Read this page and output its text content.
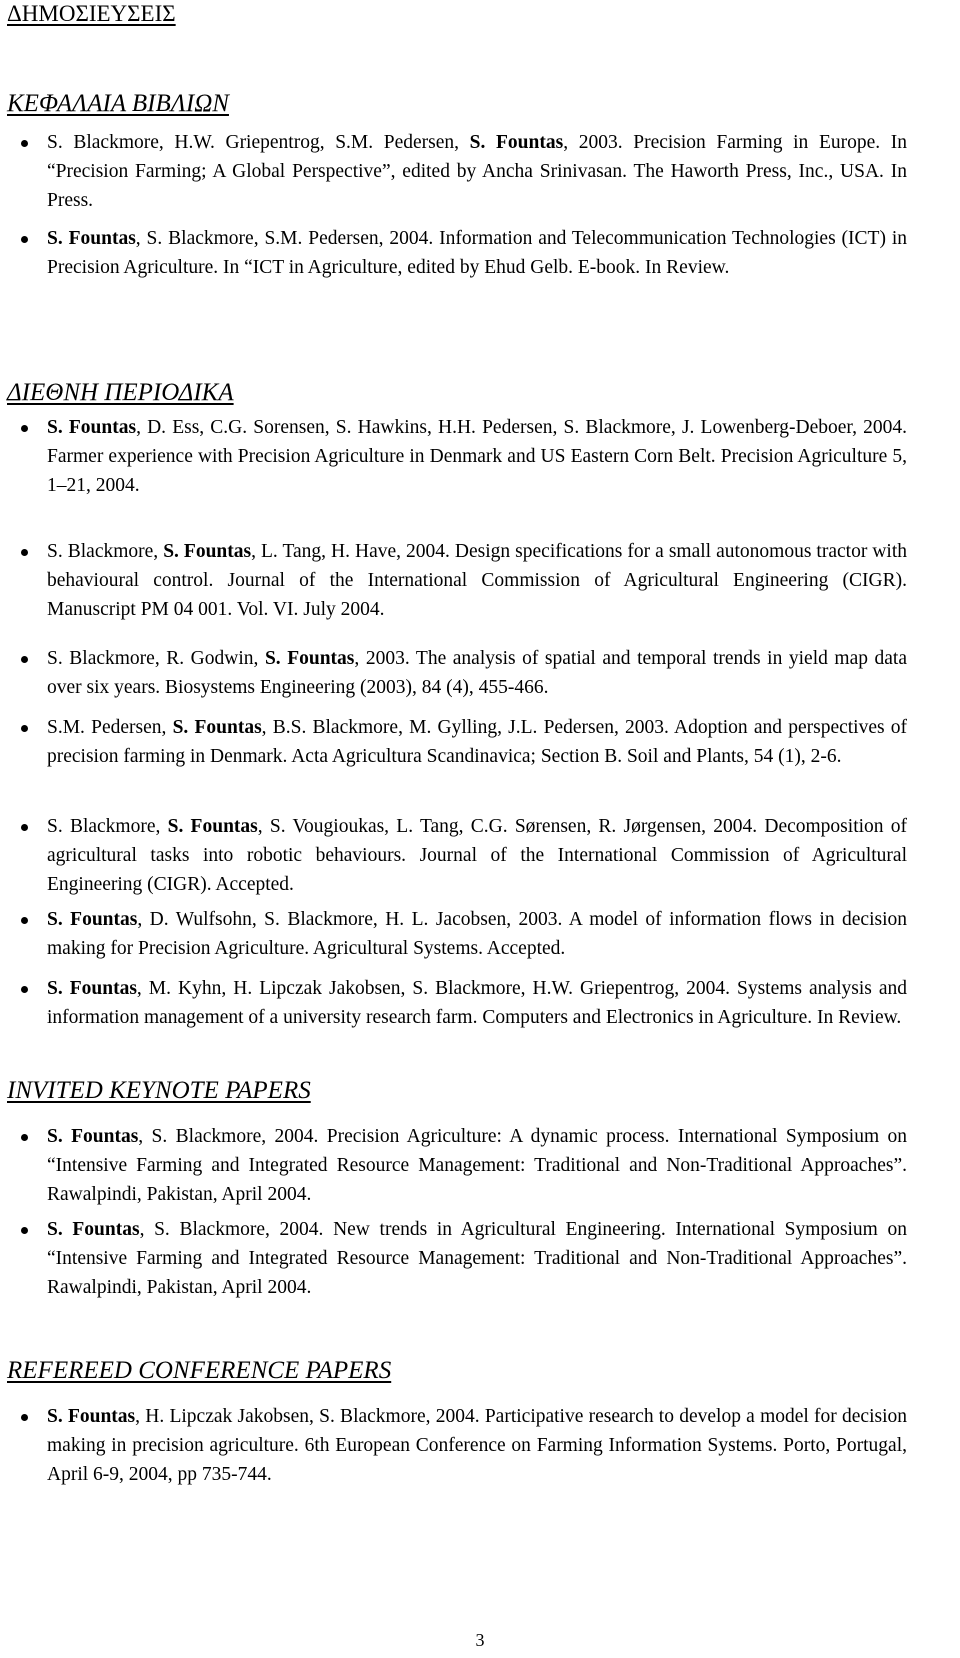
ΔΗΜΟΣΙΕΥΣΕΙΣ
ΚΕΦΑΛΑΙΑ ΒΙΒΛΙΩΝ
S. Blackmore, H.W. Griepentrog, S.M. Pedersen, S. Fountas, 2003. Precision Farming in Europe. In “Precision Farming; A Global Perspective”, edited by Ancha Srinivasan. The Haworth Press, Inc., USA. In Press.
S. Fountas, S. Blackmore, S.M. Pedersen, 2004. Information and Telecommunication Technologies (ICT) in Precision Agriculture. In “ICT in Agriculture, edited by Ehud Gelb. E-book. In Review.
ΔΙΕΘΝΗ ΠΕΡΙΟΔΙΚΑ
S. Fountas, D. Ess, C.G. Sorensen, S. Hawkins, H.H. Pedersen, S. Blackmore, J. Lowenberg-Deboer, 2004. Farmer experience with Precision Agriculture in Denmark and US Eastern Corn Belt. Precision Agriculture 5, 1–21, 2004.
S. Blackmore, S. Fountas, L. Tang, H. Have, 2004. Design specifications for a small autonomous tractor with behavioural control. Journal of the International Commission of Agricultural Engineering (CIGR). Manuscript PM 04 001. Vol. VI. July 2004.
S. Blackmore, R. Godwin, S. Fountas, 2003. The analysis of spatial and temporal trends in yield map data over six years. Biosystems Engineering (2003), 84 (4), 455-466.
S.M. Pedersen, S. Fountas, B.S. Blackmore, M. Gylling, J.L. Pedersen, 2003. Adoption and perspectives of precision farming in Denmark. Acta Agricultura Scandinavica; Section B. Soil and Plants, 54 (1), 2-6.
S. Blackmore, S. Fountas, S. Vougioukas, L. Tang, C.G. Sørensen, R. Jørgensen, 2004. Decomposition of agricultural tasks into robotic behaviours. Journal of the International Commission of Agricultural Engineering (CIGR). Accepted.
S. Fountas, D. Wulfsohn, S. Blackmore, H. L. Jacobsen, 2003. A model of information flows in decision making for Precision Agriculture. Agricultural Systems. Accepted.
S. Fountas, M. Kyhn, H. Lipczak Jakobsen, S. Blackmore, H.W. Griepentrog, 2004. Systems analysis and information management of a university research farm. Computers and Electronics in Agriculture. In Review.
INVITED KEYNOTE PAPERS
S. Fountas, S. Blackmore, 2004. Precision Agriculture: A dynamic process. International Symposium on “Intensive Farming and Integrated Resource Management: Traditional and Non-Traditional Approaches”. Rawalpindi, Pakistan, April 2004.
S. Fountas, S. Blackmore, 2004. New trends in Agricultural Engineering. International Symposium on “Intensive Farming and Integrated Resource Management: Traditional and Non-Traditional Approaches”. Rawalpindi, Pakistan, April 2004.
REFEREED CONFERENCE PAPERS
S. Fountas, H. Lipczak Jakobsen, S. Blackmore, 2004. Participative research to develop a model for decision making in precision agriculture. 6th European Conference on Farming Information Systems. Porto, Portugal, April 6-9, 2004, pp 735-744.
3
